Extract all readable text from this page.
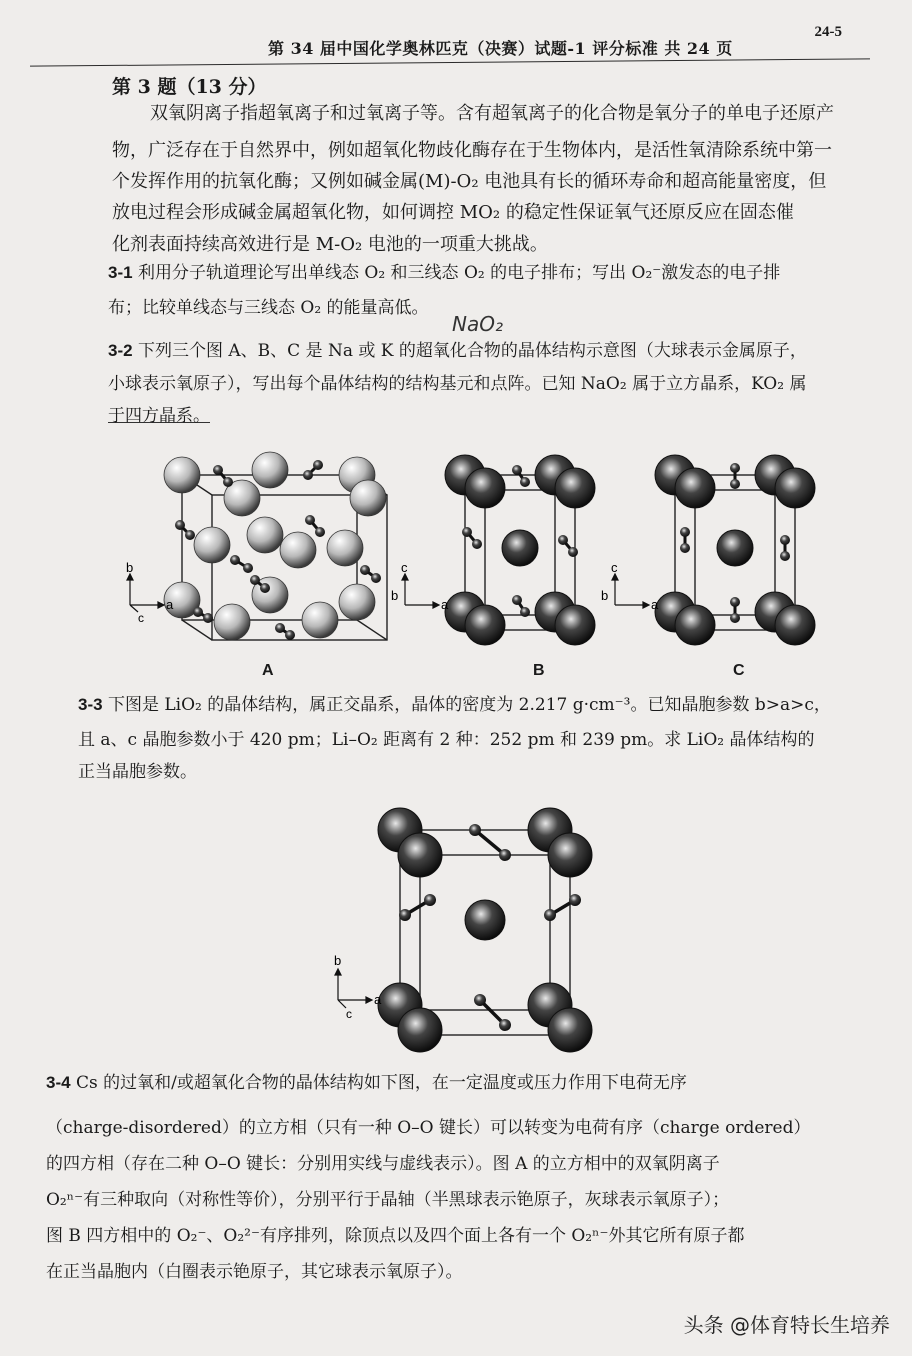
第 34 届中国化学奥林匹克（决赛）试题-1 评分标准 共 24 页
24-5
第 3 题（13 分）

双氧阴离子指超氧离子和过氧离子等。含有超氧离子的化合物是氧分子的单电子还原产

物，广泛存在于自然界中，例如超氧化物歧化酶存在于生物体内，是活性氧清除系统中第一

个发挥作用的抗氧化酶；又例如碱金属(M)-O₂ 电池具有长的循环寿命和超高能量密度，但

放电过程会形成碱金属超氧化物，如何调控 MO₂ 的稳定性保证氧气还原反应在固态催

化剂表面持续高效进行是 M-O₂ 电池的一项重大挑战。

3-1 利用分子轨道理论写出单线态 O₂ 和三线态 O₂ 的电子排布；写出 O₂⁻激发态的电子排

布；比较单线态与三线态 O₂ 的能量高低。

NaO₂

3-2 下列三个图 A、B、C 是 Na 或 K 的超氧化合物的晶体结构示意图（大球表示金属原子，

小球表示氧原子），写出每个晶体结构的结构基元和点阵。已知 NaO₂ 属于立方晶系，KO₂ 属

于四方晶系。

b
a
c
A
c
a
b
B
c
a
b
C

3-3 下图是 LiO₂ 的晶体结构，属正交晶系，晶体的密度为 2.217 g·cm⁻³。已知晶胞参数 b>a>c，

且 a、c 晶胞参数小于 420 pm；Li–O₂ 距离有 2 种：252 pm 和 239 pm。求 LiO₂ 晶体结构的

正当晶胞参数。

b
a
c

3-4 Cs 的过氧和/或超氧化合物的晶体结构如下图，在一定温度或压力作用下电荷无序

（charge-disordered）的立方相（只有一种 O–O 键长）可以转变为电荷有序（charge ordered）

的四方相（存在二种 O–O 键长：分别用实线与虚线表示）。图 A 的立方相中的双氧阴离子

O₂ⁿ⁻有三种取向（对称性等价），分别平行于晶轴（半黑球表示铯原子，灰球表示氧原子）；

图 B 四方相中的 O₂⁻、O₂²⁻有序排列，除顶点以及四个面上各有一个 O₂ⁿ⁻外其它所有原子都

在正当晶胞内（白圈表示铯原子，其它球表示氧原子）。

头条 @体育特长生培养
